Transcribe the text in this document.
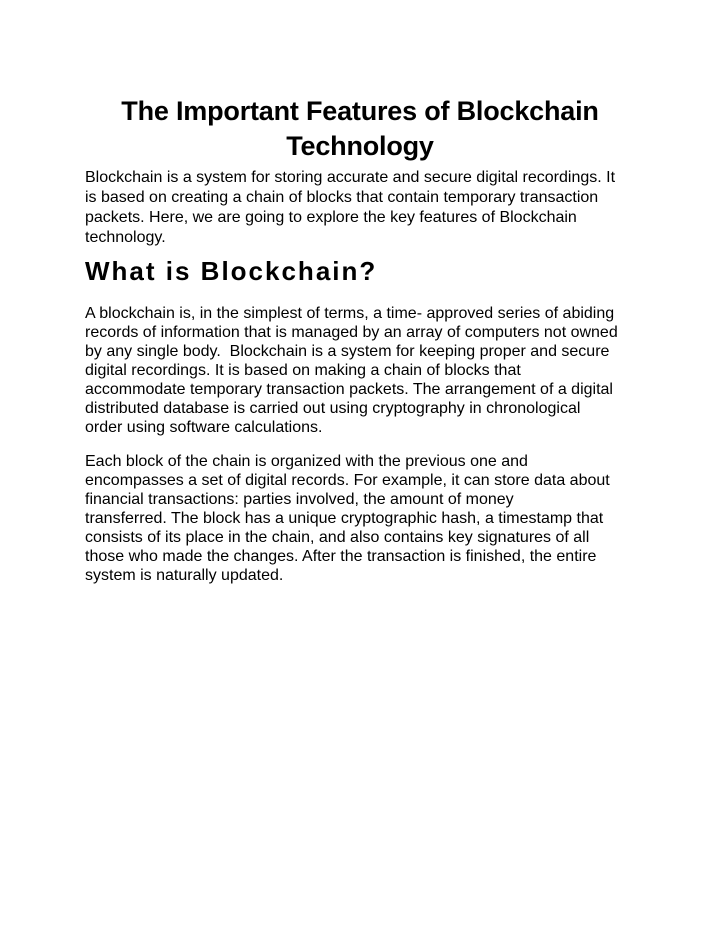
The Important Features of Blockchain
Technology

Blockchain is a system for storing accurate and secure digital recordings. It
is based on creating a chain of blocks that contain temporary transaction
packets. Here, we are going to explore the key features of Blockchain
technology.

What is Blockchain?

A blockchain is, in the simplest of terms, a time- approved series of abiding
records of information that is managed by an array of computers not owned
by any single body.  Blockchain is a system for keeping proper and secure
digital recordings. It is based on making a chain of blocks that
accommodate temporary transaction packets. The arrangement of a digital
distributed database is carried out using cryptography in chronological
order using software calculations.

Each block of the chain is organized with the previous one and
encompasses a set of digital records. For example, it can store data about
financial transactions: parties involved, the amount of money
transferred. The block has a unique cryptographic hash, a timestamp that
consists of its place in the chain, and also contains key signatures of all
those who made the changes. After the transaction is finished, the entire
system is naturally updated.
